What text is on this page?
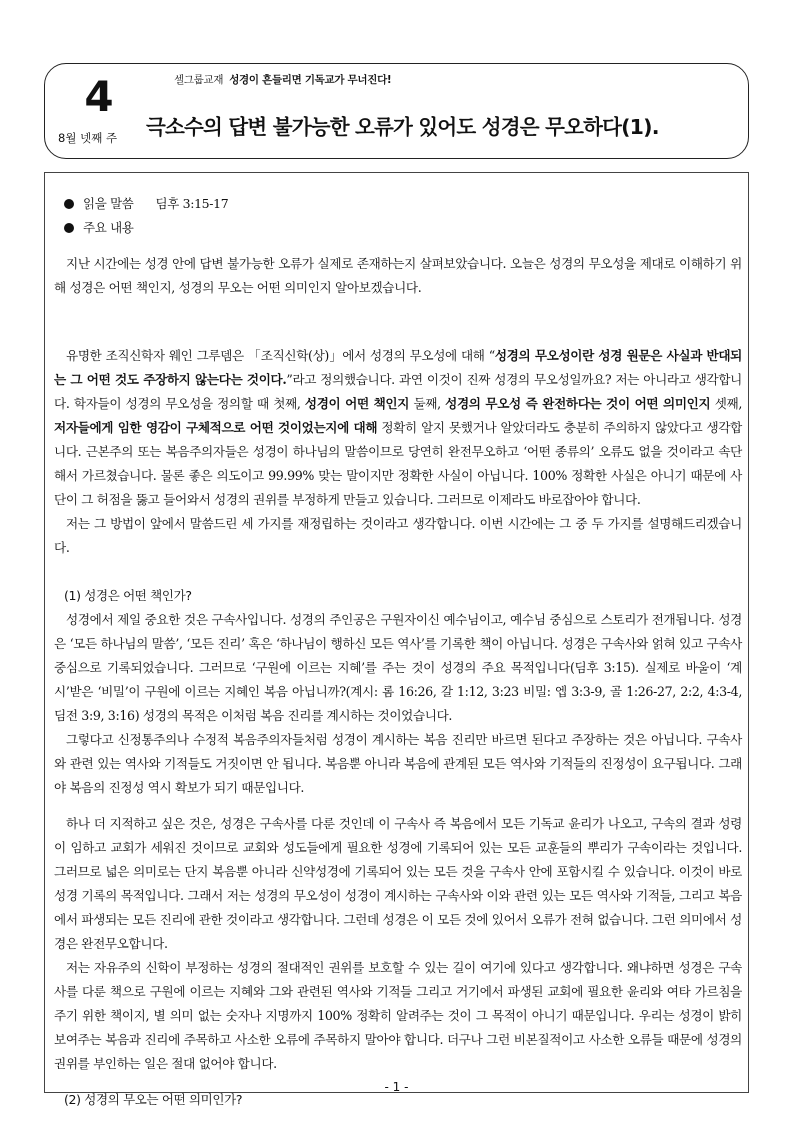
4
8월 넷째 주
셀그룹교재 성경이 흔들리면 기독교가 무너진다!
극소수의 답변 불가능한 오류가 있어도 성경은 무오하다(1).
읽을 말씀 딤후 3:15-17
주요 내용

지난 시간에는 성경 안에 답변 불가능한 오류가 실제로 존재하는지 살펴보았습니다. 오늘은 성경의 무오성을 제대로 이해하기 위해 성경은 어떤 책인지, 성경의 무오는 어떤 의미인지 알아보겠습니다.

유명한 조직신학자 웨인 그루뎀은 「조직신학(상)」에서 성경의 무오성에 대해 “성경의 무오성이란 성경 원문은 사실과 반대되는 그 어떤 것도 주장하지 않는다는 것이다.”라고 정의했습니다. 과연 이것이 진짜 성경의 무오성일까요? 저는 아니라고 생각합니다. 학자들이 성경의 무오성을 정의할 때 첫째, 성경이 어떤 책인지 둘째, 성경의 무오성 즉 완전하다는 것이 어떤 의미인지 셋째, 저자들에게 임한 영감이 구체적으로 어떤 것이었는지에 대해 정확히 알지 못했거나 알았더라도 충분히 주의하지 않았다고 생각합니다. 근본주의 또는 복음주의자들은 성경이 하나님의 말씀이므로 당연히 완전무오하고 ‘어떤 종류의’ 오류도 없을 것이라고 속단해서 가르쳤습니다. 물론 좋은 의도이고 99.99% 맞는 말이지만 정확한 사실이 아닙니다. 100% 정확한 사실은 아니기 때문에 사단이 그 허점을 뚫고 들어와서 성경의 권위를 부정하게 만들고 있습니다. 그러므로 이제라도 바로잡아야 합니다.

저는 그 방법이 앞에서 말씀드린 세 가지를 재정립하는 것이라고 생각합니다. 이번 시간에는 그 중 두 가지를 설명해드리겠습니다.

(1) 성경은 어떤 책인가?

성경에서 제일 중요한 것은 구속사입니다. 성경의 주인공은 구원자이신 예수님이고, 예수님 중심으로 스토리가 전개됩니다. 성경은 ‘모든 하나님의 말씀’, ‘모든 진리’ 혹은 ‘하나님이 행하신 모든 역사’를 기록한 책이 아닙니다. 성경은 구속사와 얽혀 있고 구속사 중심으로 기록되었습니다. 그러므로 ‘구원에 이르는 지혜’를 주는 것이 성경의 주요 목적입니다(딤후 3:15). 실제로 바울이 ‘계시’받은 ‘비밀’이 구원에 이르는 지혜인 복음 아닙니까?(계시: 롬 16:26, 갈 1:12, 3:23 비밀: 엡 3:3-9, 골 1:26-27, 2:2, 4:3-4, 딤전 3:9, 3:16) 성경의 목적은 이처럼 복음 진리를 계시하는 것이었습니다.

그렇다고 신정통주의나 수정적 복음주의자들처럼 성경이 계시하는 복음 진리만 바르면 된다고 주장하는 것은 아닙니다. 구속사와 관련 있는 역사와 기적들도 거짓이면 안 됩니다. 복음뿐 아니라 복음에 관계된 모든 역사와 기적들의 진정성이 요구됩니다. 그래야 복음의 진정성 역시 확보가 되기 때문입니다.

하나 더 지적하고 싶은 것은, 성경은 구속사를 다룬 것인데 이 구속사 즉 복음에서 모든 기독교 윤리가 나오고, 구속의 결과 성령이 임하고 교회가 세워진 것이므로 교회와 성도들에게 필요한 성경에 기록되어 있는 모든 교훈들의 뿌리가 구속이라는 것입니다. 그러므로 넓은 의미로는 단지 복음뿐 아니라 신약성경에 기록되어 있는 모든 것을 구속사 안에 포함시킬 수 있습니다. 이것이 바로 성경 기록의 목적입니다. 그래서 저는 성경의 무오성이 성경이 계시하는 구속사와 이와 관련 있는 모든 역사와 기적들, 그리고 복음에서 파생되는 모든 진리에 관한 것이라고 생각합니다. 그런데 성경은 이 모든 것에 있어서 오류가 전혀 없습니다. 그런 의미에서 성경은 완전무오합니다.

저는 자유주의 신학이 부정하는 성경의 절대적인 권위를 보호할 수 있는 길이 여기에 있다고 생각합니다. 왜냐하면 성경은 구속사를 다룬 책으로 구원에 이르는 지혜와 그와 관련된 역사와 기적들 그리고 거기에서 파생된 교회에 필요한 윤리와 여타 가르침을 주기 위한 책이지, 별 의미 없는 숫자나 지명까지 100% 정확히 알려주는 것이 그 목적이 아니기 때문입니다. 우리는 성경이 밝히 보여주는 복음과 진리에 주목하고 사소한 오류에 주목하지 말아야 합니다. 더구나 그런 비본질적이고 사소한 오류들 때문에 성경의 권위를 부인하는 일은 절대 없어야 합니다.

(2) 성경의 무오는 어떤 의미인가?
- 1 -
